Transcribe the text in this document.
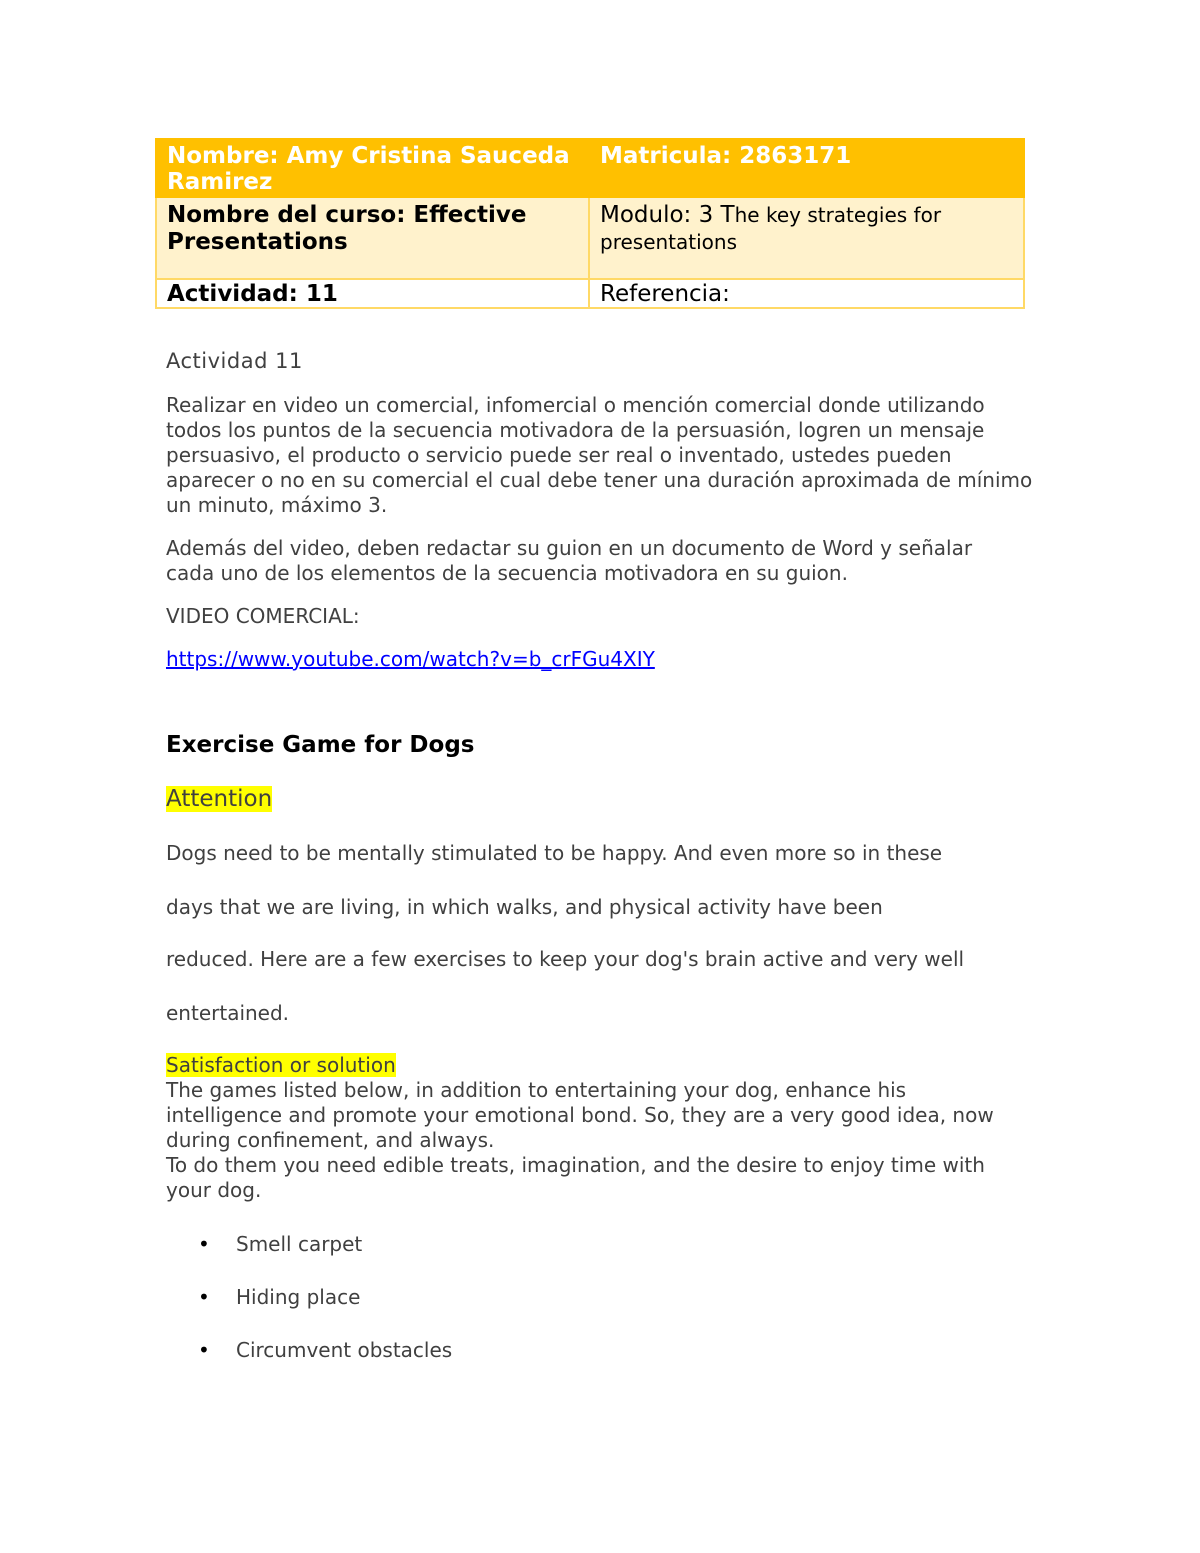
Nombre: Amy Cristina Sauceda Ramirez	Matricula: 2863171
Nombre del curso: Effective Presentations	Modulo: 3 The key strategies for presentations
Actividad: 11	Referencia:
Actividad 11
Realizar en video un comercial, infomercial o mención comercial donde utilizando todos los puntos de la secuencia motivadora de la persuasión, logren un mensaje persuasivo, el producto o servicio puede ser real o inventado, ustedes pueden aparecer o no en su comercial el cual debe tener una duración aproximada de mínimo un minuto, máximo 3.
Además del video, deben redactar su guion en un documento de Word y señalar cada uno de los elementos de la secuencia motivadora en su guion.
VIDEO COMERCIAL:
https://www.youtube.com/watch?v=b_crFGu4XIY
Exercise Game for Dogs
Attention
Dogs need to be mentally stimulated to be happy. And even more so in these
days that we are living, in which walks, and physical activity have been
reduced. Here are a few exercises to keep your dog's brain active and very well
entertained.
Satisfaction or solution
The games listed below, in addition to entertaining your dog, enhance his intelligence and promote your emotional bond. So, they are a very good idea, now during confinement, and always.
To do them you need edible treats, imagination, and the desire to enjoy time with your dog.
• Smell carpet
• Hiding place
• Circumvent obstacles
